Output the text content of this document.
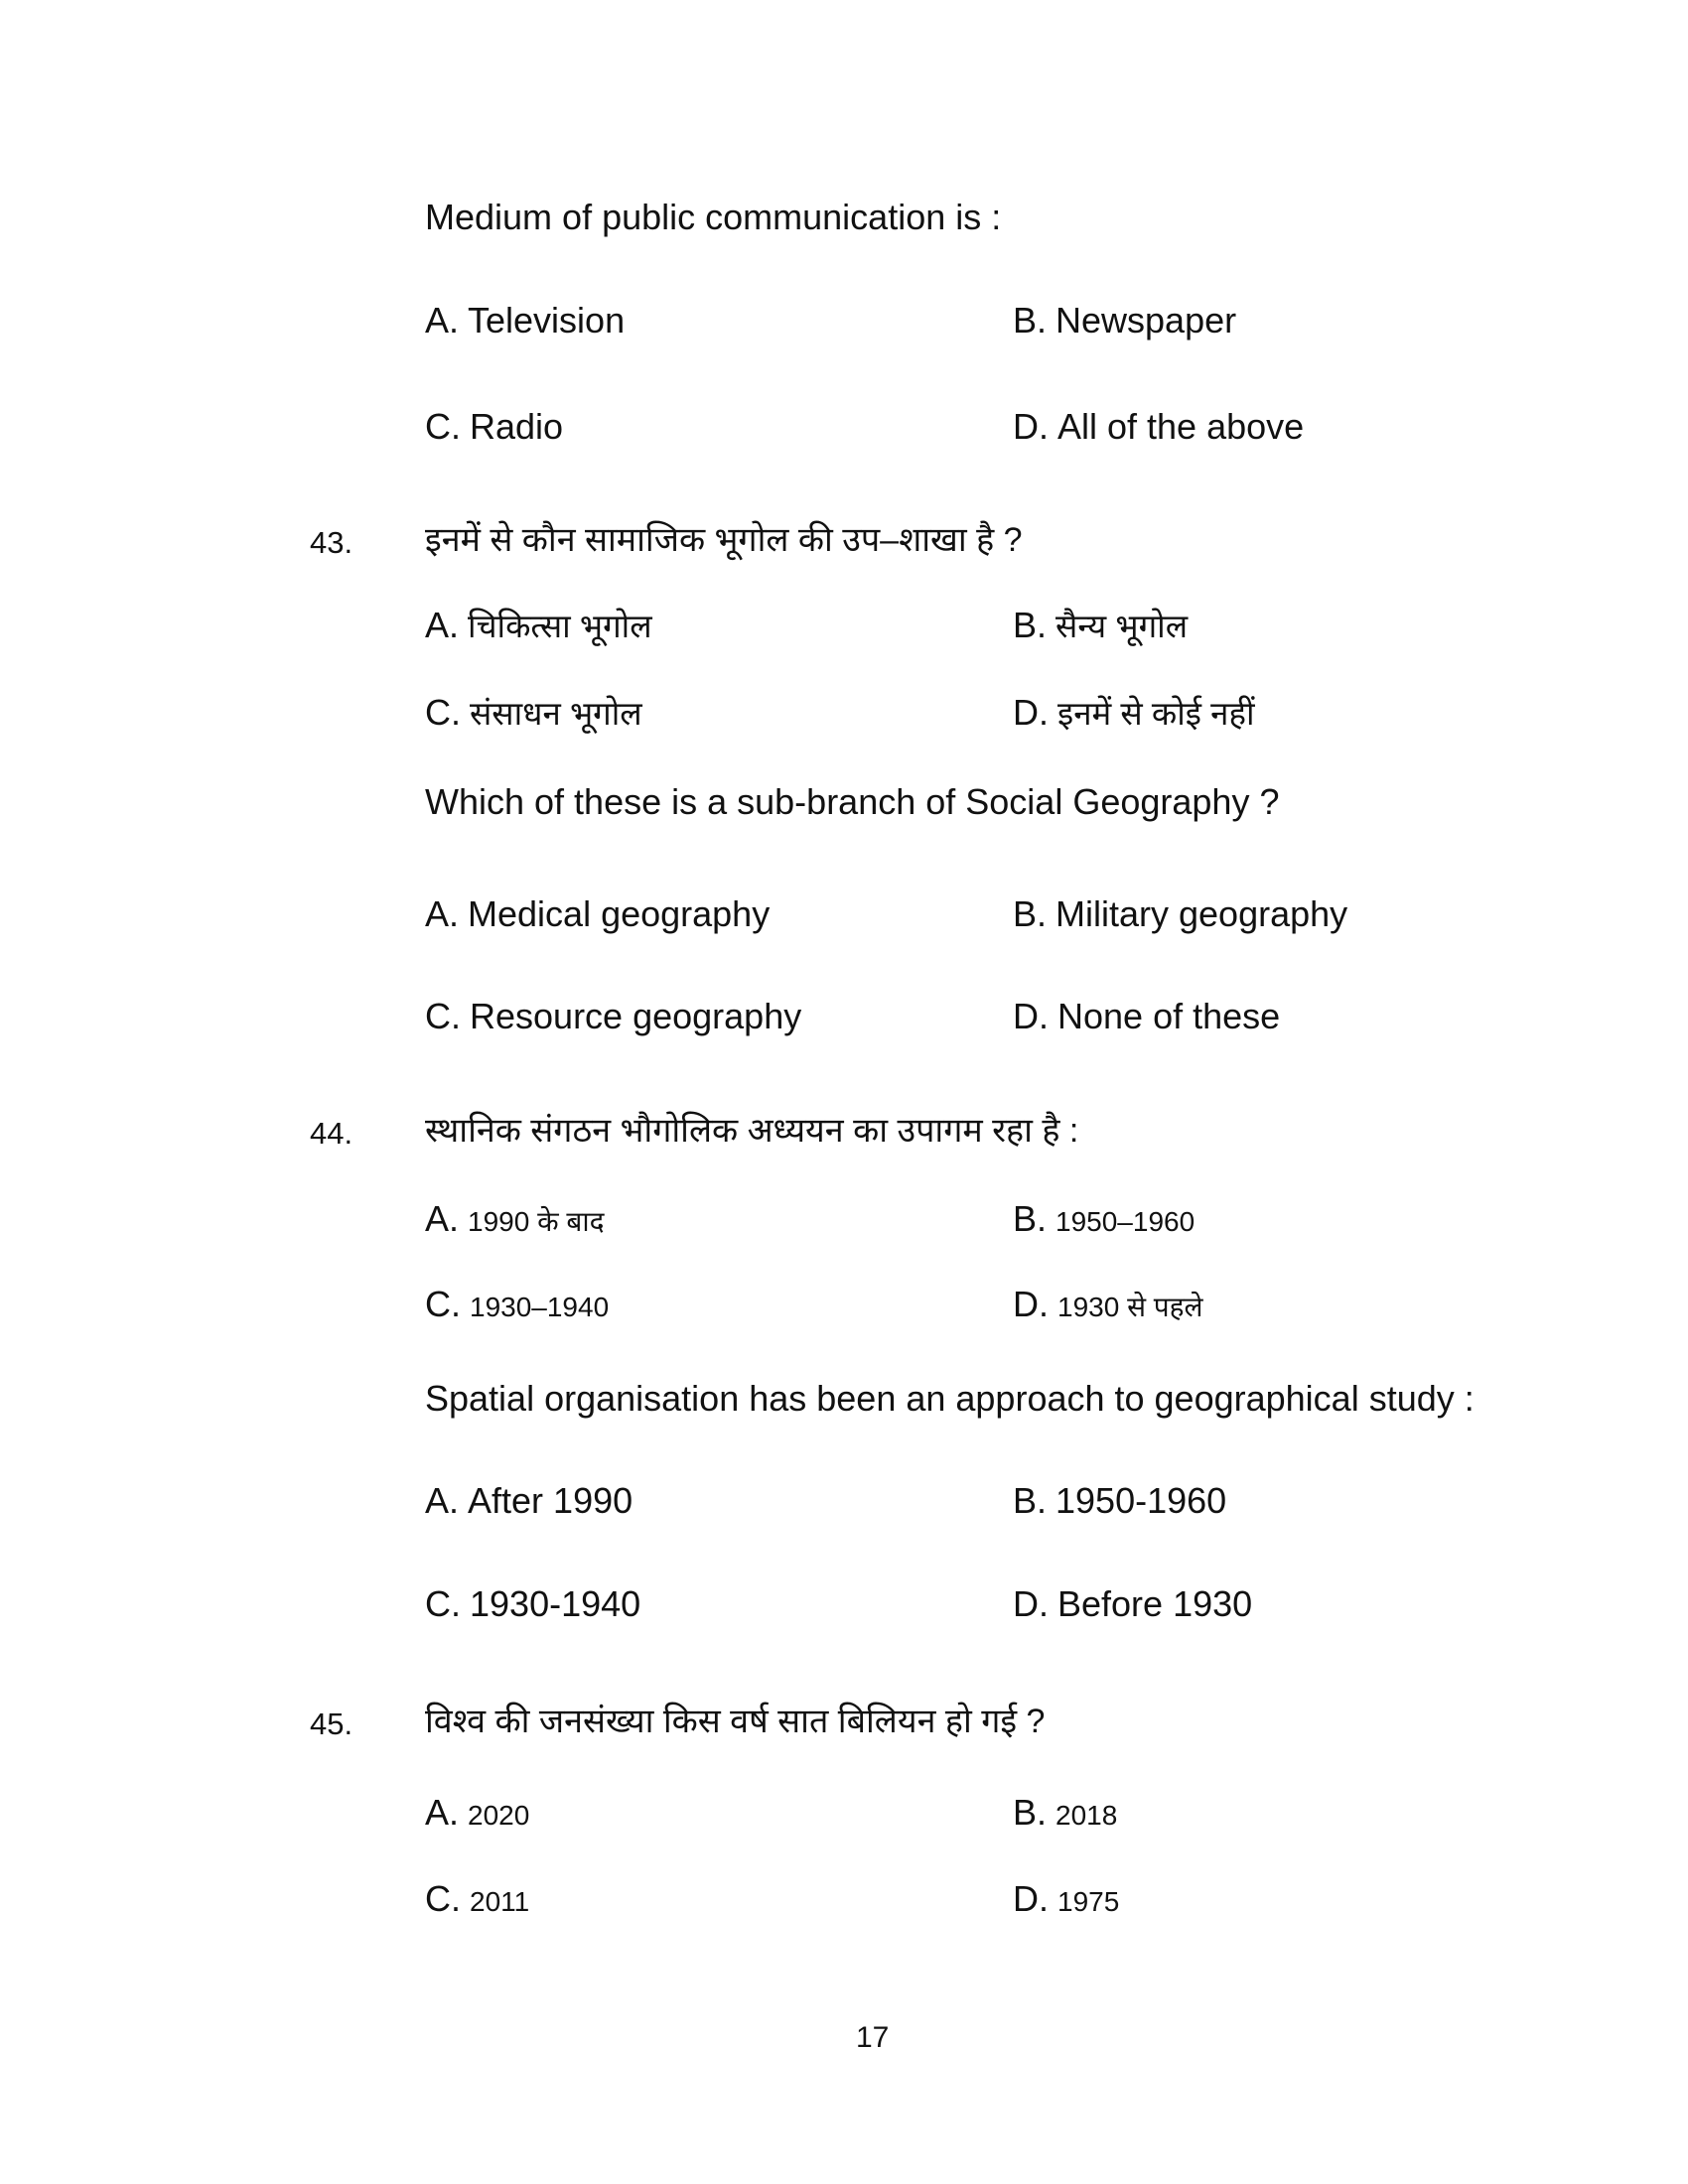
Medium of public communication is :
A. Television	B. Newspaper
C. Radio	D. All of the above
43. इनमें से कौन सामाजिक भूगोल की उप–शाखा है ?
A. चिकित्सा भूगोल	B. सैन्य भूगोल
C. संसाधन भूगोल	D. इनमें से कोई नहीं
Which of these is a sub-branch of Social Geography ?
A. Medical geography	B. Military geography
C. Resource geography	D. None of these
44. स्थानिक संगठन भौगोलिक अध्ययन का उपागम रहा है :
A. 1990 के बाद	B. 1950–1960
C. 1930–1940	D. 1930 से पहले
Spatial organisation has been an approach to geographical study :
A. After 1990	B. 1950-1960
C. 1930-1940	D. Before 1930
45. विश्व की जनसंख्या किस वर्ष सात बिलियन हो गई ?
A. 2020	B. 2018
C. 2011	D. 1975
17
